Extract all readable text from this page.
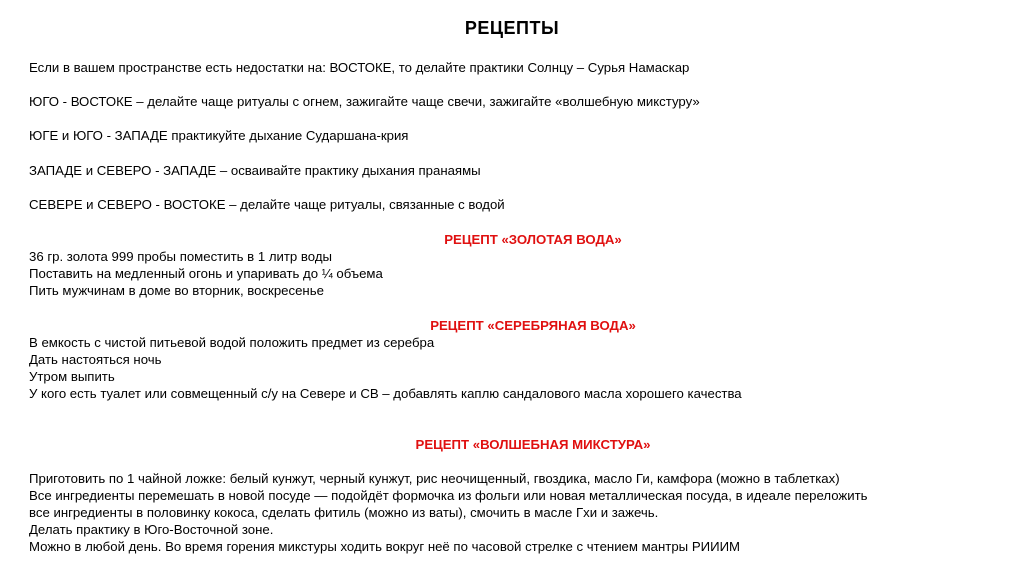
РЕЦЕПТЫ
Если в вашем пространстве есть недостатки на: ВОСТОКЕ, то делайте практики Солнцу – Сурья Намаскар
ЮГО - ВОСТОКЕ – делайте чаще ритуалы с огнем, зажигайте чаще свечи, зажигайте «волшебную микстуру»
ЮГЕ и ЮГО - ЗАПАДЕ практикуйте дыхание Сударшана-крия
ЗАПАДЕ и СЕВЕРО - ЗАПАДЕ – осваивайте практику дыхания пранаямы
СЕВЕРЕ и СЕВЕРО - ВОСТОКЕ – делайте чаще ритуалы, связанные с водой
РЕЦЕПТ «ЗОЛОТАЯ ВОДА»
36 гр. золота 999 пробы поместить в 1 литр воды
Поставить на медленный огонь и упаривать до ¼ объема
Пить мужчинам в доме во вторник, воскресенье
РЕЦЕПТ «СЕРЕБРЯНАЯ ВОДА»
В емкость с чистой питьевой водой положить предмет из серебра
Дать настояться ночь
Утром выпить
У кого есть туалет или совмещенный с/у на Севере и СВ – добавлять каплю сандалового масла хорошего качества
РЕЦЕПТ «ВОЛШЕБНАЯ МИКСТУРА»
Приготовить по 1 чайной ложке: белый кунжут, черный кунжут, рис неочищенный, гвоздика, масло Ги, камфора (можно в таблетках)
Все ингредиенты перемешать в новой посуде — подойдёт формочка из фольги или новая металлическая посуда, в идеале переложить
все ингредиенты в половинку кокоса, сделать фитиль (можно из ваты), смочить в масле Гхи и зажечь.
Делать практику в Юго-Восточной зоне.
Можно в любой день. Во время горения микстуры ходить вокруг неё по часовой стрелке с чтением мантры РИИИМ
